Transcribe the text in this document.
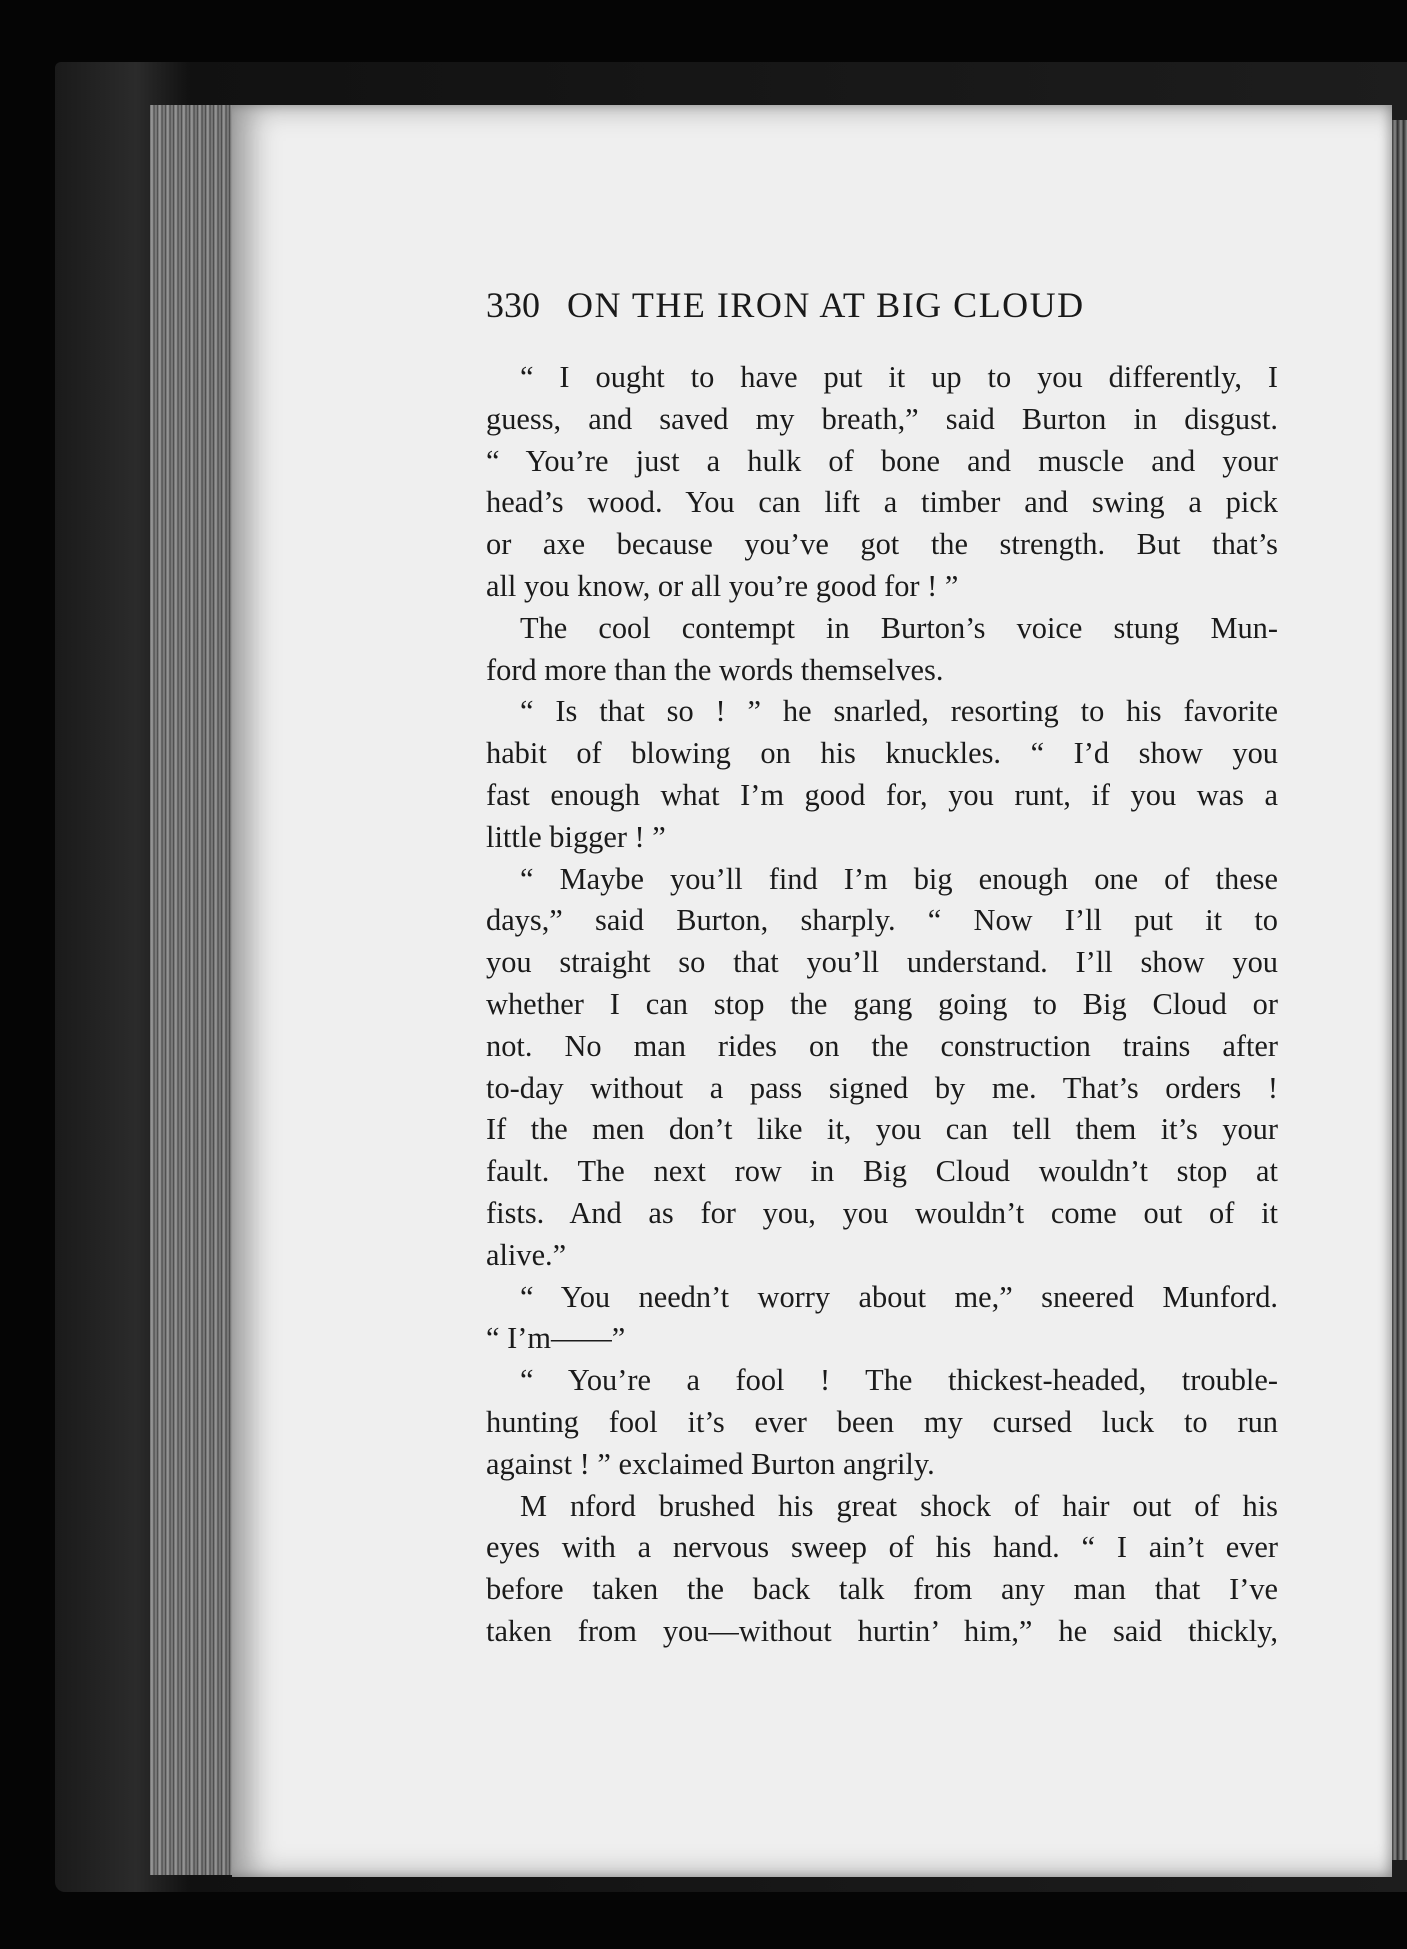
330 ON THE IRON AT BIG CLOUD

“ I ought to have put it up to you differently, I

guess, and saved my breath,” said Burton in disgust.

“ You’re just a hulk of bone and muscle and your

head’s wood. You can lift a timber and swing a pick

or axe because you’ve got the strength. But that’s

all you know, or all you’re good for ! ”

The cool contempt in Burton’s voice stung Mun-

ford more than the words themselves.

“ Is that so ! ” he snarled, resorting to his favorite

habit of blowing on his knuckles. “ I’d show you

fast enough what I’m good for, you runt, if you was a

little bigger ! ”

“ Maybe you’ll find I’m big enough one of these

days,” said Burton, sharply. “ Now I’ll put it to

you straight so that you’ll understand. I’ll show you

whether I can stop the gang going to Big Cloud or

not. No man rides on the construction trains after

to-day without a pass signed by me. That’s orders !

If the men don’t like it, you can tell them it’s your

fault. The next row in Big Cloud wouldn’t stop at

fists. And as for you, you wouldn’t come out of it

alive.”

“ You needn’t worry about me,” sneered Munford.

“ I’m——”

“ You’re a fool ! The thickest-headed, trouble-

hunting fool it’s ever been my cursed luck to run

against ! ” exclaimed Burton angrily.

M nford brushed his great shock of hair out of his

eyes with a nervous sweep of his hand. “ I ain’t ever

before taken the back talk from any man that I’ve

taken from you—without hurtin’ him,” he said thickly,
